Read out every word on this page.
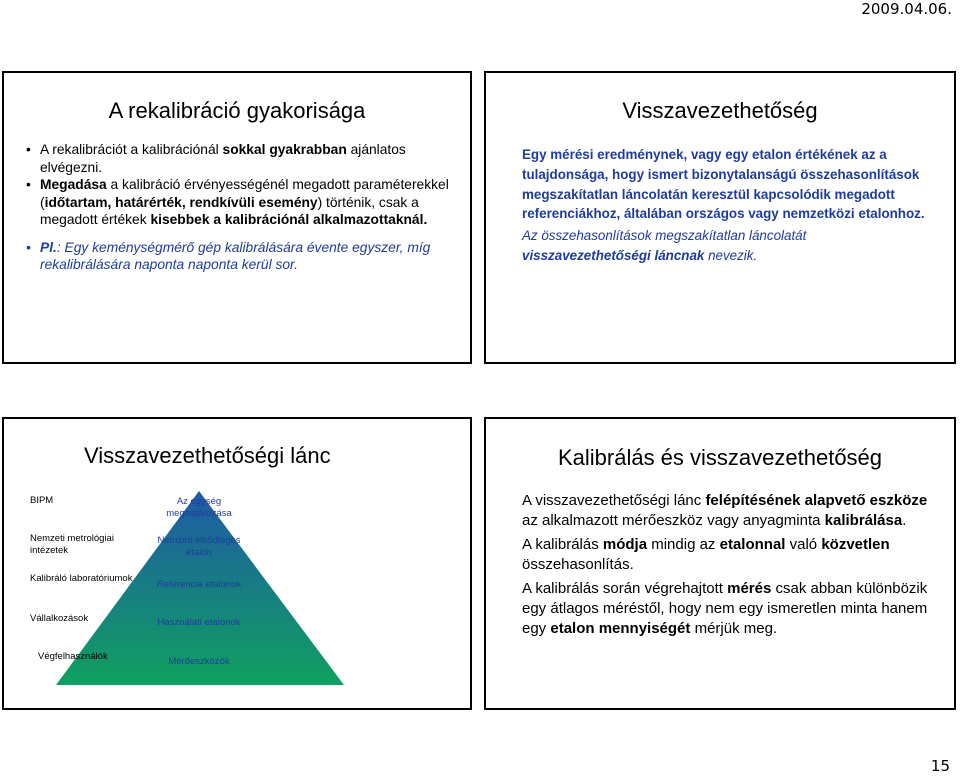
2009.04.06.
A rekalibráció gyakorisága
• A rekalibrációt a kalibrációnál sokkal gyakrabban ajánlatos elvégezni.
• Megadása a kalibráció érvényességénél megadott paraméterekkel (időtartam, határérték, rendkívüli esemény) történik, csak a megadott értékek kisebbek a kalibrációnál alkalmazottaknál.
• Pl.: Egy keménységmérő gép kalibrálására évente egyszer, míg rekalibrálására naponta naponta kerül sor.
Visszavezethetőség
Egy mérési eredménynek, vagy egy etalon értékének az a tulajdonsága, hogy ismert bizonytalanságú összehasonlítások megszakítatlan láncolatán keresztül kapcsolódik megadott referenciákhoz, általában országos vagy nemzetközi etalonhoz.
Az összehasonlítások megszakítatlan láncolatát visszavezethetőségi láncnak nevezik.
Visszavezethetőségi lánc
BIPM
Nemzeti metrológiai intézetek
Kalibráló laboratóriumok
Vállalkozások
Végfelhasználók
Az egység meghatározása
Nemzeti elsődleges etalon
Referencia etalonok
Használati etalonok
Mérőeszközök
Kalibrálás és visszavezethetőség

A visszavezethetőségi lánc felépítésének alapvető eszköze az alkalmazott mérőeszköz vagy anyagminta kalibrálása.

A kalibrálás módja mindig az etalonnal való közvetlen összehasonlítás.

A kalibrálás során végrehajtott mérés csak abban különbözik egy átlagos méréstől, hogy nem egy ismeretlen minta hanem egy etalon mennyiségét mérjük meg.

15
